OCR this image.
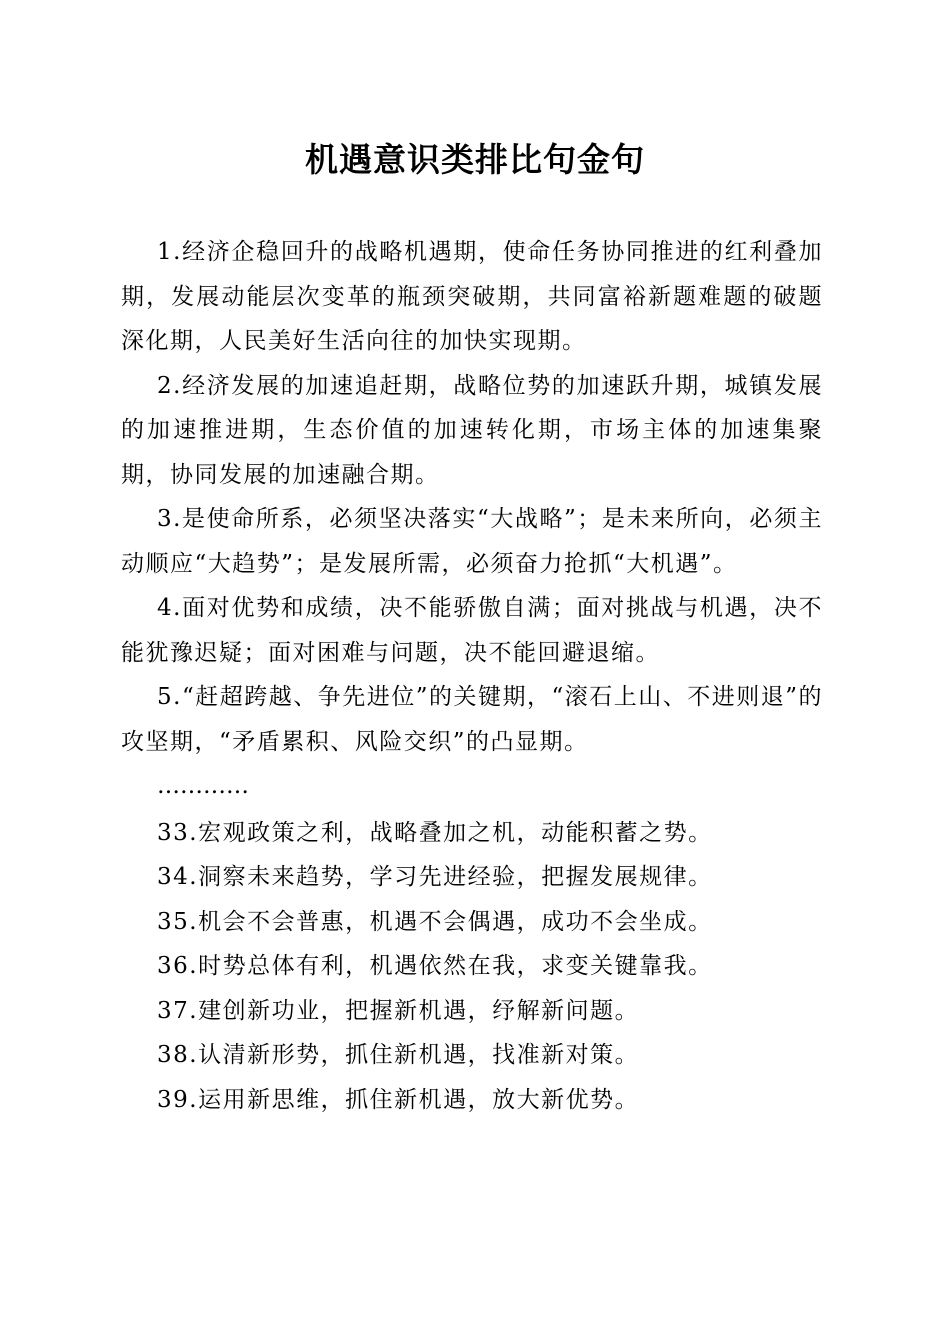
机遇意识类排比句金句

1.经济企稳回升的战略机遇期，使命任务协同推进的红利叠加期，发展动能层次变革的瓶颈突破期，共同富裕新题难题的破题深化期，人民美好生活向往的加快实现期。

2.经济发展的加速追赶期，战略位势的加速跃升期，城镇发展的加速推进期，生态价值的加速转化期，市场主体的加速集聚期，协同发展的加速融合期。

3.是使命所系，必须坚决落实“大战略”；是未来所向，必须主动顺应“大趋势”；是发展所需，必须奋力抢抓“大机遇”。

4.面对优势和成绩，决不能骄傲自满；面对挑战与机遇，决不能犹豫迟疑；面对困难与问题，决不能回避退缩。

5.“赶超跨越、争先进位”的关键期，“滚石上山、不进则退”的攻坚期，“矛盾累积、风险交织”的凸显期。

…………

33.宏观政策之利，战略叠加之机，动能积蓄之势。

34.洞察未来趋势，学习先进经验，把握发展规律。

35.机会不会普惠，机遇不会偶遇，成功不会坐成。

36.时势总体有利，机遇依然在我，求变关键靠我。

37.建创新功业，把握新机遇，纾解新问题。

38.认清新形势，抓住新机遇，找准新对策。

39.运用新思维，抓住新机遇，放大新优势。
